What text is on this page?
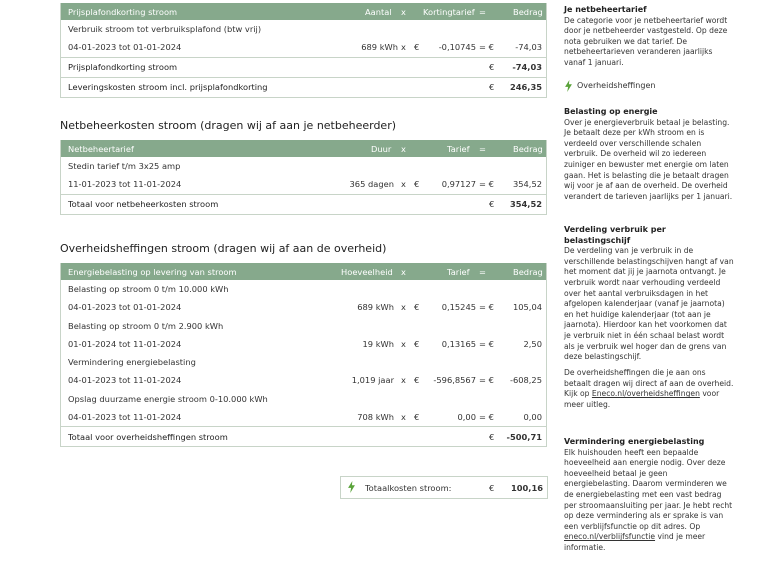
Prijsplafondkorting stroom	Aantal x Kortingtarief =	Bedrag
Verbruik stroom tot verbruiksplafond (btw vrij)
04-01-2023 tot 01-01-2024	689 kWh x € -0,10745 = €	-74,03
Prijsplafondkorting stroom	€ -74,03
Leveringskosten stroom incl. prijsplafondkorting	€ 246,35
Netbeheerkosten stroom (dragen wij af aan je netbeheerder)
Netbeheertarief	Duur x	Tarief =	Bedrag
Stedin tarief t/m 3x25 amp
11-01-2023 tot 11-01-2024	365 dagen x €	0,97127 = € 354,52
Totaal voor netbeheerkosten stroom	€ 354,52
Overheidsheffingen stroom (dragen wij af aan de overheid)
Energiebelasting op levering van stroom	Hoeveelheid x	Tarief =	Bedrag
Belasting op stroom 0 t/m 10.000 kWh
04-01-2023 tot 01-01-2024	689 kWh x €	0,15245 = € 105,04
Belasting op stroom 0 t/m 2.900 kWh
01-01-2024 tot 11-01-2024	19 kWh x €	0,13165 = €	2,50
Vermindering energiebelasting
04-01-2023 tot 11-01-2024	1,019 jaar x € -596,8567 = € -608,25
Opslag duurzame energie stroom 0-10.000 kWh
04-01-2023 tot 11-01-2024	708 kWh x €	0,00 = €	0,00
Totaal voor overheidsheffingen stroom	€ -500,71
Totaalkosten stroom:	€ 100,16
Je netbeheertarief

De categorie voor je netbeheertarief wordt door je netbeheerder vastgesteld. Op deze nota gebruiken we dat tarief. De netbeheertarieven veranderen jaarlijks vanaf 1 januari.

Overheidsheffingen
Belasting op energie

Over je energieverbruik betaal je belasting. Je betaalt deze per kWh stroom en is verdeeld over verschillende schalen verbruik. De overheid wil zo iedereen zuiniger en bewuster met energie om laten gaan. Het is belasting die je betaalt dragen wij voor je af aan de overheid. De overheid verandert de tarieven jaarlijks per 1 januari.

Verdeling verbruik per belastingschijf

De verdeling van je verbruik in de verschillende belastingschijven hangt af van het moment dat jij je jaarnota ontvangt. Je verbruik wordt naar verhouding verdeeld over het aantal verbruiksdagen in het afgelopen kalenderjaar (vanaf je jaarnota) en het huidige kalenderjaar (tot aan je jaarnota). Hierdoor kan het voorkomen dat je verbruik niet in één schaal belast wordt als je verbruik wel hoger dan de grens van deze belastingschijf.

De overheidsheffingen die je aan ons betaalt dragen wij direct af aan de overheid. Kijk op Eneco.nl/overheidsheffingen voor meer uitleg.

Vermindering energiebelasting

Elk huishouden heeft een bepaalde hoeveelheid aan energie nodig. Over deze hoeveelheid betaal je geen energiebelasting. Daarom verminderen we de energiebelasting met een vast bedrag per stroomaansluiting per jaar. Je hebt recht op deze vermindering als er sprake is van een verblijfsfunctie op dit adres. Op eneco.nl/verblijfsfunctie vind je meer informatie.
